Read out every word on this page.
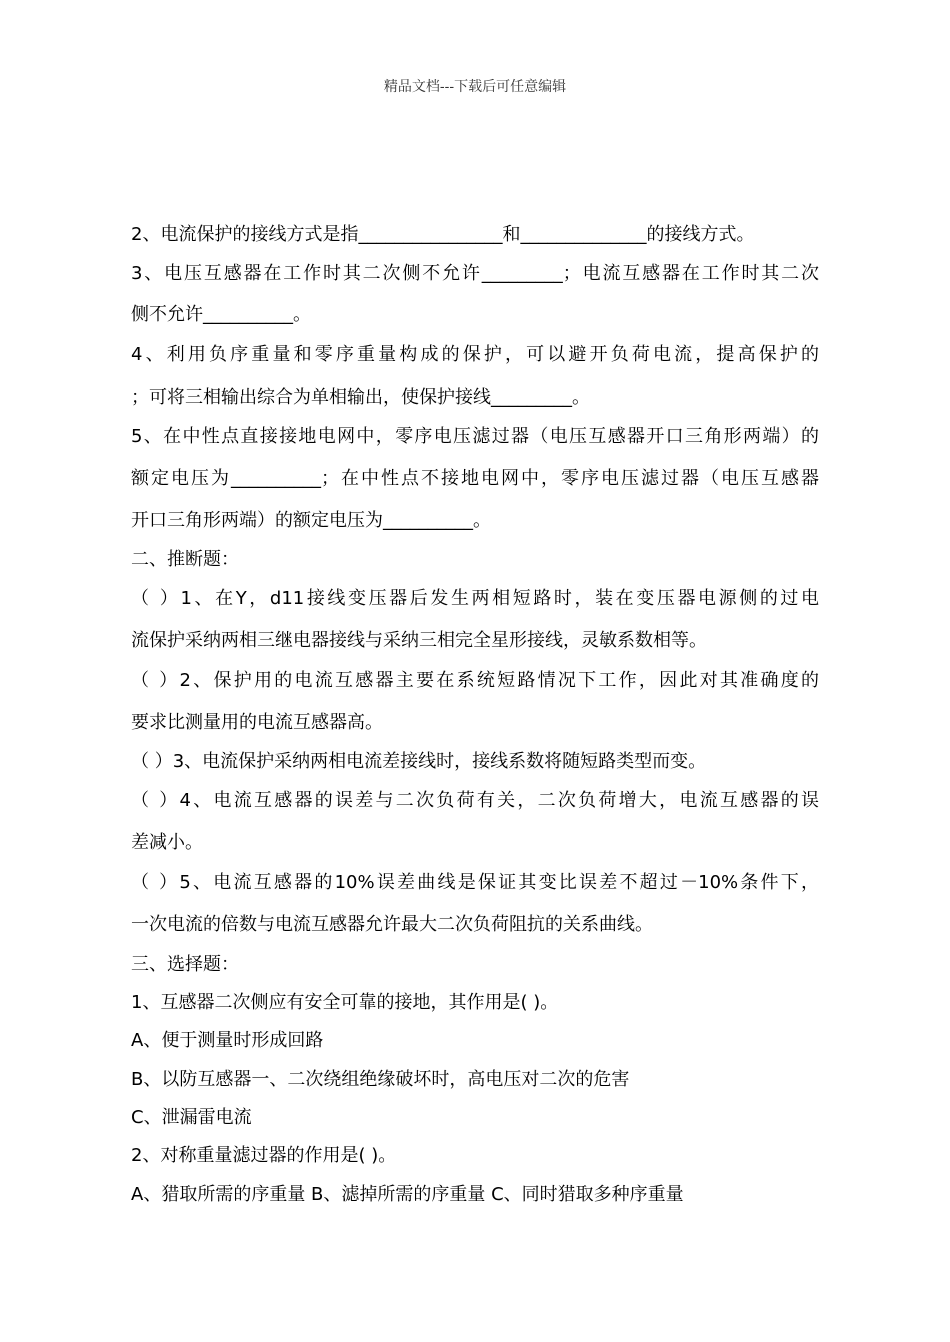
精品文档---下载后可任意编辑
2、电流保护的接线方式是指________________和______________的接线方式。
3、电压互感器在工作时其二次侧不允许_________；电流互感器在工作时其二次
侧不允许__________。
4、利用负序重量和零序重量构成的保护，可以避开负荷电流，提高保护的
；可将三相输出综合为单相输出，使保护接线_________。
5、在中性点直接接地电网中，零序电压滤过器（电压互感器开口三角形两端）的
额定电压为__________；在中性点不接地电网中，零序电压滤过器（电压互感器
开口三角形两端）的额定电压为__________。
二、推断题：
（ ）1、在Y，d11接线变压器后发生两相短路时，装在变压器电源侧的过电
流保护采纳两相三继电器接线与采纳三相完全星形接线，灵敏系数相等。
（ ）2、保护用的电流互感器主要在系统短路情况下工作，因此对其准确度的
要求比测量用的电流互感器高。
（ ）3、电流保护采纳两相电流差接线时，接线系数将随短路类型而变。
（ ）4、电流互感器的误差与二次负荷有关，二次负荷增大，电流互感器的误
差减小。
（ ）5、电流互感器的10%误差曲线是保证其变比误差不超过－10%条件下，
一次电流的倍数与电流互感器允许最大二次负荷阻抗的关系曲线。
三、选择题：
1、互感器二次侧应有安全可靠的接地，其作用是( )。
A、便于测量时形成回路
B、以防互感器一、二次绕组绝缘破坏时，高电压对二次的危害
C、泄漏雷电流
2、对称重量滤过器的作用是( )。
A、猎取所需的序重量 B、滤掉所需的序重量 C、同时猎取多种序重量
